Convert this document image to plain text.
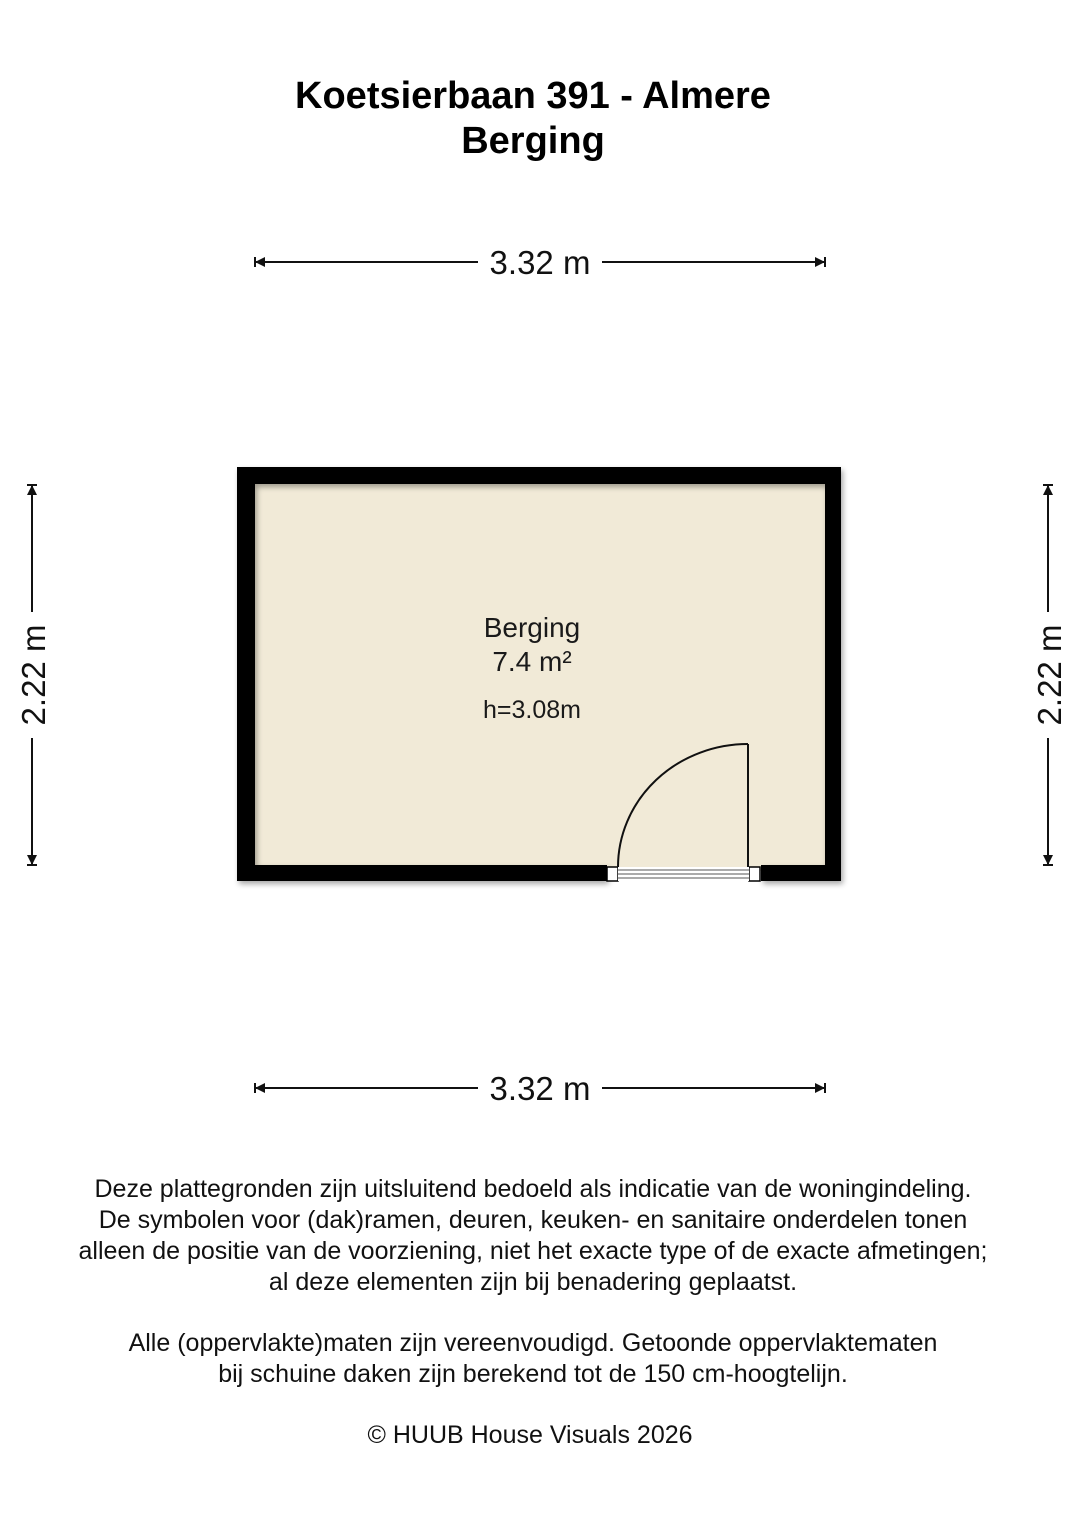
Koetsierbaan 391 - Almere
Berging
3.32 m
3.32 m
2.22 m	2.22 m
Berging
7.4 m²
h=3.08m

Deze plattegronden zijn uitsluitend bedoeld als indicatie van de woningindeling.

De symbolen voor (dak)ramen, deuren, keuken- en sanitaire onderdelen tonen

alleen de positie van de voorziening, niet het exacte type of de exacte afmetingen;

al deze elementen zijn bij benadering geplaatst.

Alle (oppervlakte)maten zijn vereenvoudigd. Getoonde oppervlaktematen

bij schuine daken zijn berekend tot de 150 cm-hoogtelijn.

© HUUB House Visuals 2026
